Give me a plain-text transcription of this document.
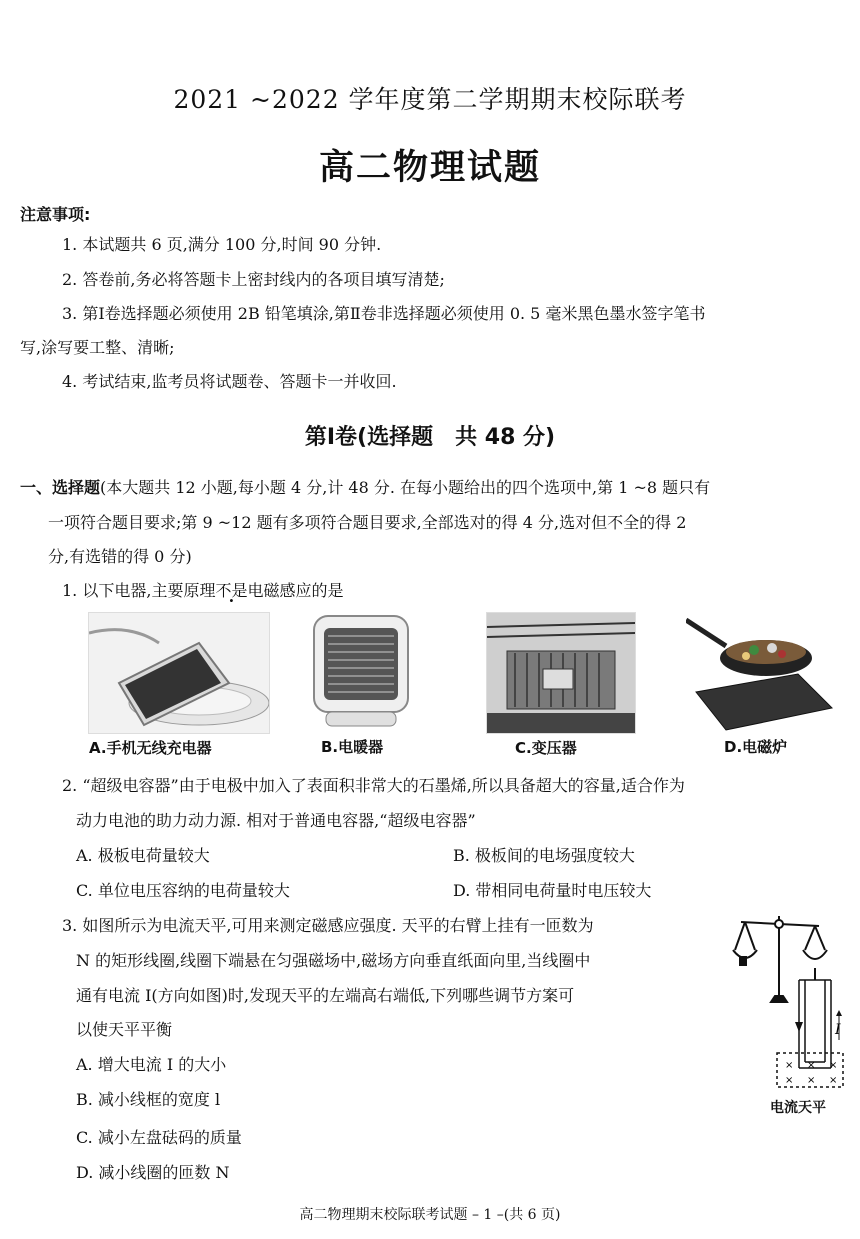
2021 ~2022 学年度第二学期期末校际联考
高二物理试题
注意事项:
1. 本试题共 6 页,满分 100 分,时间 90 分钟.
2. 答卷前,务必将答题卡上密封线内的各项目填写清楚;
3. 第Ⅰ卷选择题必须使用 2B 铅笔填涂,第Ⅱ卷非选择题必须使用 0. 5 毫米黑色墨水签字笔书
写,涂写要工整、清晰;
4. 考试结束,监考员将试题卷、答题卡一并收回.
第Ⅰ卷(选择题　共 48 分)
一、选择题(本大题共 12 小题,每小题 4 分,计 48 分. 在每小题给出的四个选项中,第 1 ~8 题只有
一项符合题目要求;第 9 ~12 题有多项符合题目要求,全部选对的得 4 分,选对但不全的得 2
分,有选错的得 0 分)
1. 以下电器,主要原理不是电磁感应的是
A.手机无线充电器	B.电暖器	C.变压器	D.电磁炉
2. “超级电容器”由于电极中加入了表面积非常大的石墨烯,所以具备超大的容量,适合作为
动力电池的助力动力源. 相对于普通电容器,“超级电容器”
A. 极板电荷量较大	B. 极板间的电场强度较大
C. 单位电压容纳的电荷量较大	D. 带相同电荷量时电压较大
3. 如图所示为电流天平,可用来测定磁感应强度. 天平的右臂上挂有一匝数为
N 的矩形线圈,线圈下端悬在匀强磁场中,磁场方向垂直纸面向里,当线圈中
通有电流 I(方向如图)时,发现天平的左端高右端低,下列哪些调节方案可
以使天平平衡
A. 增大电流 I 的大小
B. 减小线框的宽度 l
C. 减小左盘砝码的质量
D. 减小线圈的匝数 N
× × ×
× × ×
I
电流天平
高二物理期末校际联考试题 – 1 –(共 6 页)
